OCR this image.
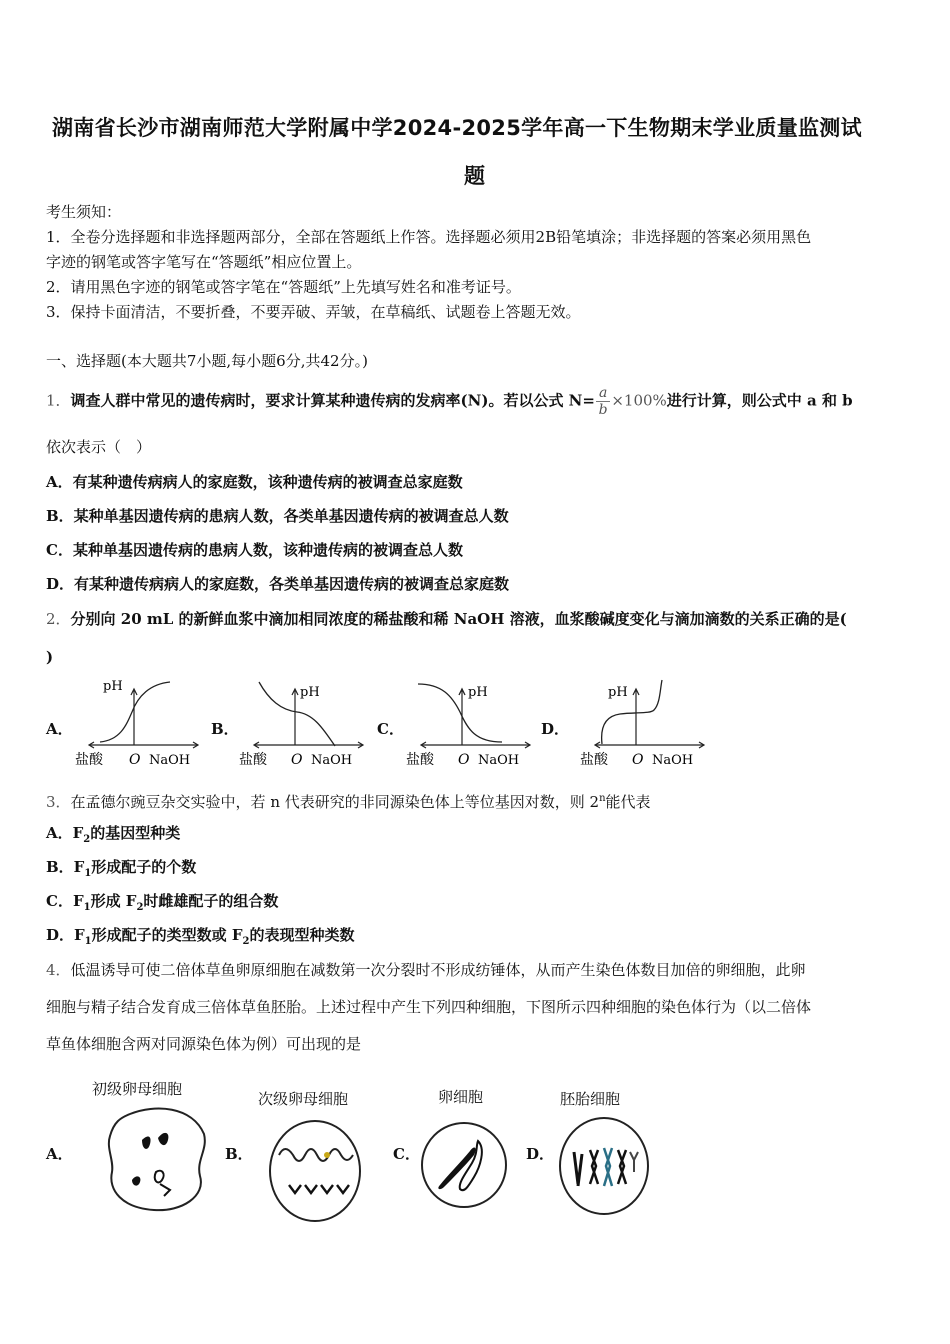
湖南省长沙市湖南师范大学附属中学2024-2025学年高一下生物期末学业质量监测试
题
考生须知：
1．全卷分选择题和非选择题两部分，全部在答题纸上作答。选择题必须用2B铅笔填涂；非选择题的答案必须用黑色
字迹的钢笔或答字笔写在“答题纸”相应位置上。
2．请用黑色字迹的钢笔或答字笔在“答题纸”上先填写姓名和准考证号。
3．保持卡面清洁，不要折叠，不要弄破、弄皱，在草稿纸、试题卷上答题无效。
一、选择题(本大题共7小题,每小题6分,共42分。)
1．调查人群中常见的遗传病时，要求计算某种遗传病的发病率(N)。若以公式 $N= \frac{a}{b} \times 100\%$进行计算，则公式中 a 和 b
依次表示（　）
A．有某种遗传病病人的家庭数，该种遗传病的被调查总家庭数
B．某种单基因遗传病的患病人数，各类单基因遗传病的被调查总人数
C．某种单基因遗传病的患病人数，该种遗传病的被调查总人数
D．有某种遗传病病人的家庭数，各类单基因遗传病的被调查总家庭数
2．分别向 20 mL 的新鲜血浆中滴加相同浓度的稀盐酸和稀 NaOH 溶液，血浆酸碱度变化与滴加滴数的关系正确的是(
)
A．	B．	C．	D．
pH
盐酸 O NaOH
pH
盐酸 O NaOH
pH
盐酸 O NaOH
pH
盐酸 O NaOH
3．在孟德尔豌豆杂交实验中，若 n 代表研究的非同源染色体上等位基因对数，则 2$^n$能代表
A．$F_2$的基因型种类
B．$F_1$形成配子的个数
C．$F_1$形成 $F_2$时雌雄配子的组合数
D．$F_1$形成配子的类型数或 $F_2$的表现型种类数
4．低温诱导可使二倍体草鱼卵原细胞在减数第一次分裂时不形成纺锤体，从而产生染色体数目加倍的卵细胞，此卵
细胞与精子结合发育成三倍体草鱼胚胎。上述过程中产生下列四种细胞，下图所示四种细胞的染色体行为（以二倍体
草鱼体细胞含两对同源染色体为例）可出现的是
初级卵母细胞
次级卵母细胞	卵细胞	胚胎细胞
A．	B．	C．	D．
